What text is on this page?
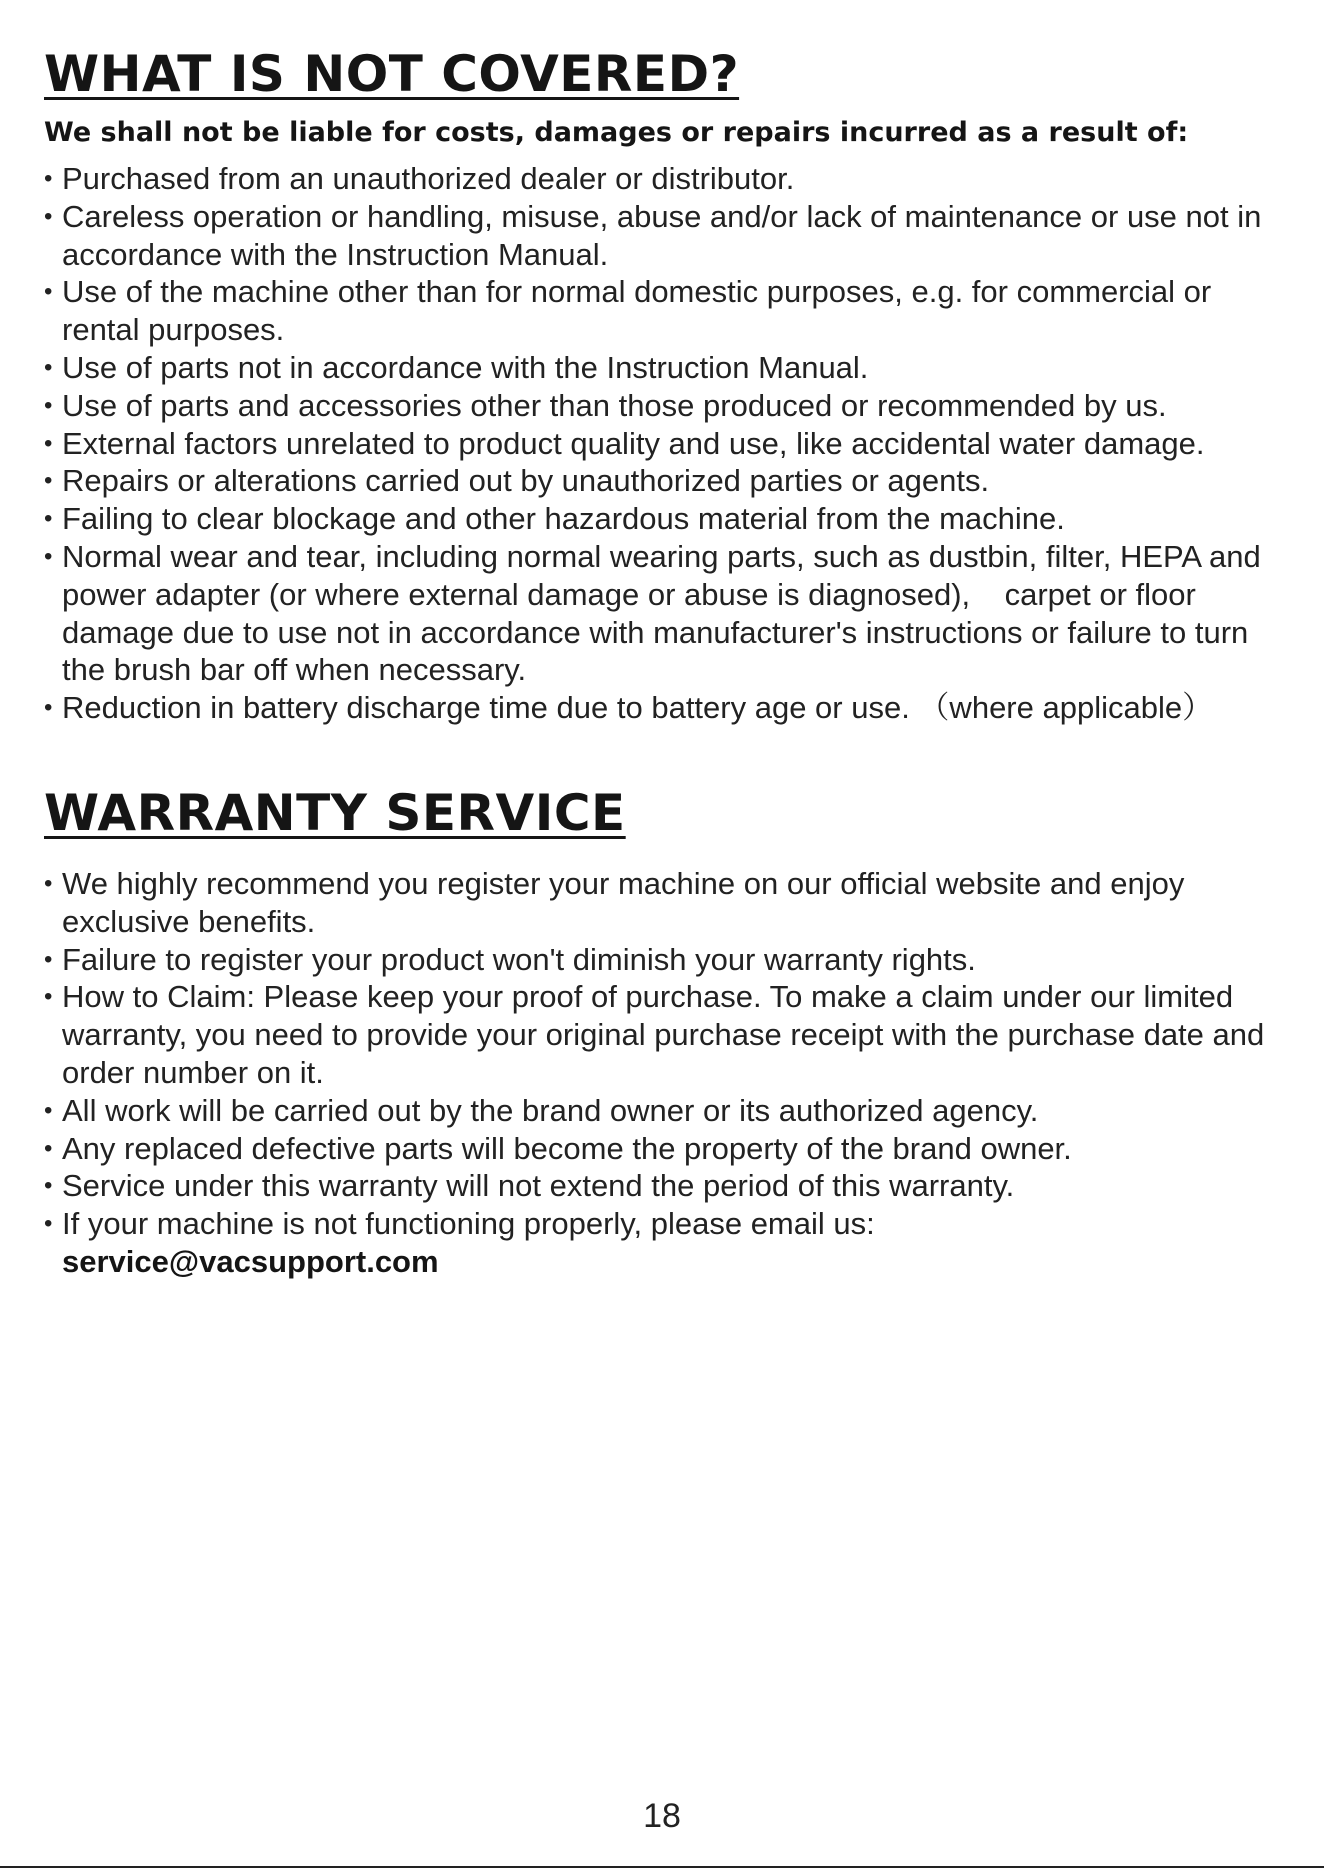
WHAT IS NOT COVERED?
We shall not be liable for costs, damages or repairs incurred as a result of:
• Purchased from an unauthorized dealer or distributor.
• Careless operation or handling, misuse, abuse and/or lack of maintenance or use not in accordance with the Instruction Manual.
• Use of the machine other than for normal domestic purposes, e.g. for commercial or rental purposes.
• Use of parts not in accordance with the Instruction Manual.
• Use of parts and accessories other than those produced or recommended by us.
• External factors unrelated to product quality and use, like accidental water damage.
• Repairs or alterations carried out by unauthorized parties or agents.
• Failing to clear blockage and other hazardous material from the machine.
• Normal wear and tear, including normal wearing parts, such as dustbin, filter, HEPA and power adapter (or where external damage or abuse is diagnosed),    carpet or floor damage due to use not in accordance with manufacturer's instructions or failure to turn the brush bar off when necessary.
• Reduction in battery discharge time due to battery age or use. （where applicable）
WARRANTY SERVICE
• We highly recommend you register your machine on our official website and enjoy exclusive benefits.
• Failure to register your product won't diminish your warranty rights.
• How to Claim: Please keep your proof of purchase. To make a claim under our limited warranty, you need to provide your original purchase receipt with the purchase date and order number on it.
• All work will be carried out by the brand owner or its authorized agency.
• Any replaced defective parts will become the property of the brand owner.
• Service under this warranty will not extend the period of this warranty.
• If your machine is not functioning properly, please email us:
service@vacsupport.com
18
